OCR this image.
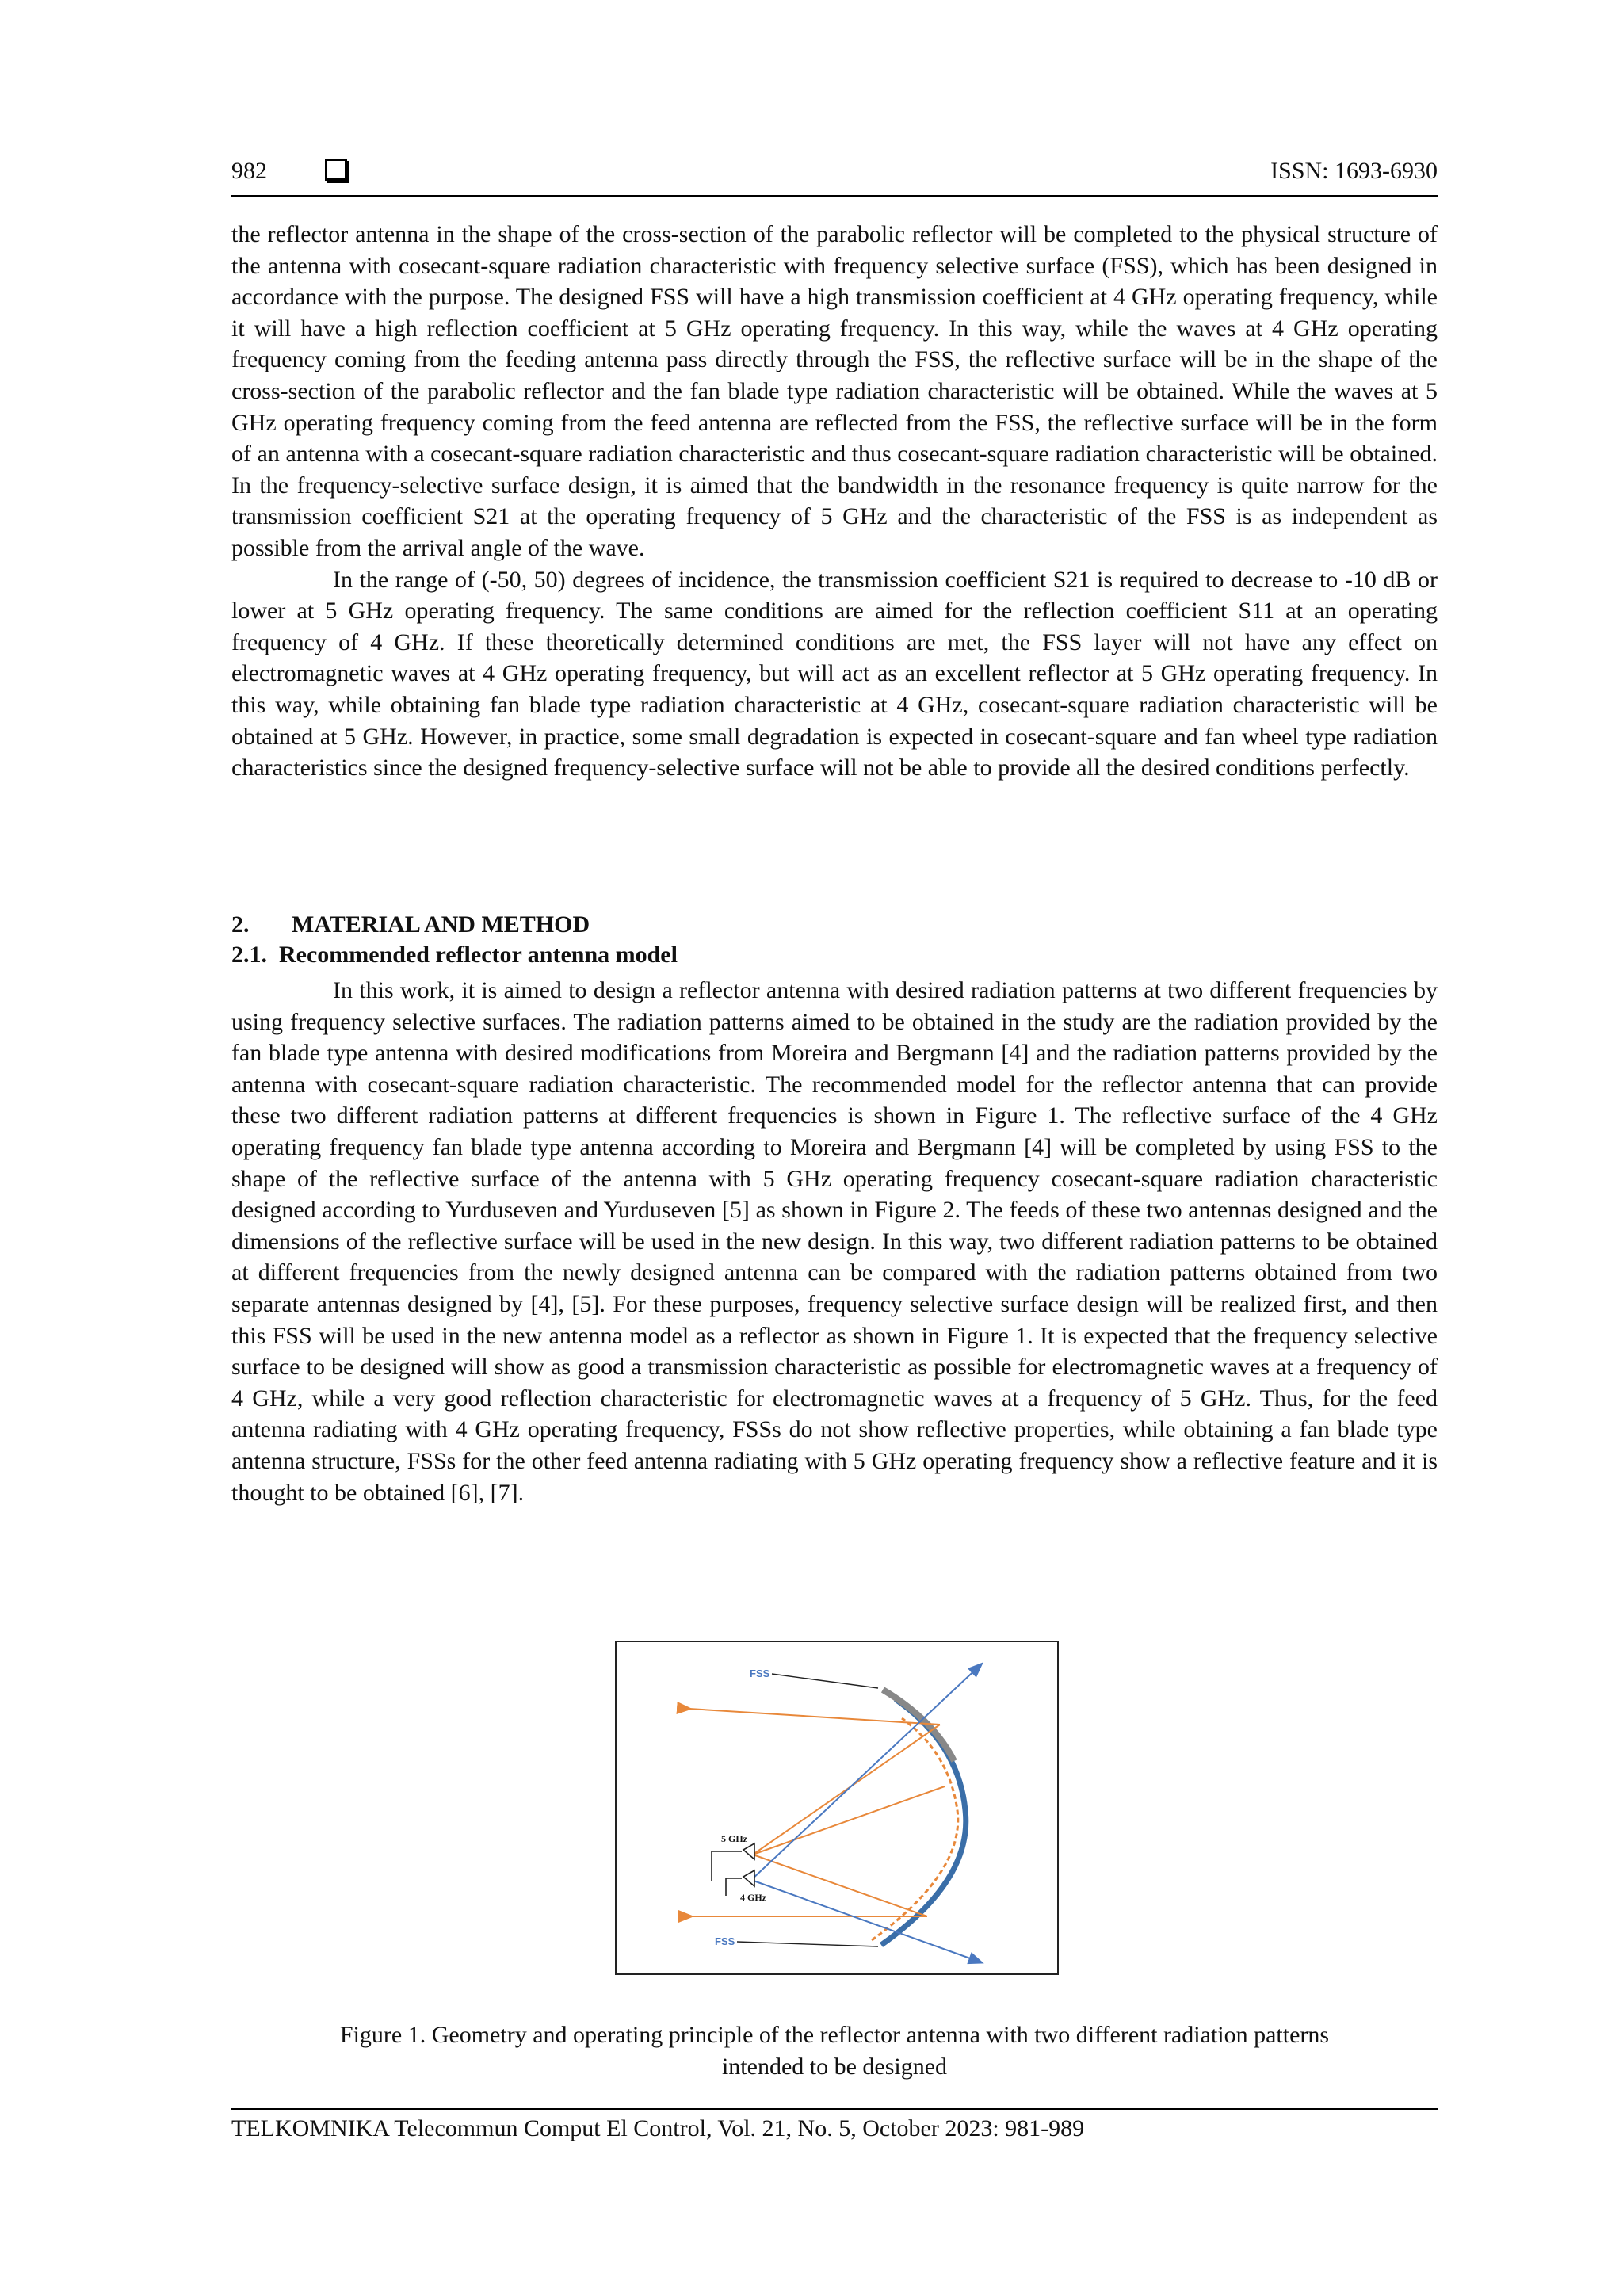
982	ISSN: 1693-6930

the reflector antenna in the shape of the cross-section of the parabolic reflector will be completed to the physical structure of the antenna with cosecant-square radiation characteristic with frequency selective surface (FSS), which has been designed in accordance with the purpose. The designed FSS will have a high transmission coefficient at 4 GHz operating frequency, while it will have a high reflection coefficient at 5 GHz operating frequency. In this way, while the waves at 4 GHz operating frequency coming from the feeding antenna pass directly through the FSS, the reflective surface will be in the shape of the cross-section of the parabolic reflector and the fan blade type radiation characteristic will be obtained. While the waves at 5 GHz operating frequency coming from the feed antenna are reflected from the FSS, the reflective surface will be in the form of an antenna with a cosecant-square radiation characteristic and thus cosecant-square radiation characteristic will be obtained. In the frequency-selective surface design, it is aimed that the bandwidth in the resonance frequency is quite narrow for the transmission coefficient S21 at the operating frequency of 5 GHz and the characteristic of the FSS is as independent as possible from the arrival angle of the wave.

In the range of (-50, 50) degrees of incidence, the transmission coefficient S21 is required to decrease to -10 dB or lower at 5 GHz operating frequency. The same conditions are aimed for the reflection coefficient S11 at an operating frequency of 4 GHz. If these theoretically determined conditions are met, the FSS layer will not have any effect on electromagnetic waves at 4 GHz operating frequency, but will act as an excellent reflector at 5 GHz operating frequency. In this way, while obtaining fan blade type radiation characteristic at 4 GHz, cosecant-square radiation characteristic will be obtained at 5 GHz. However, in practice, some small degradation is expected in cosecant-square and fan wheel type radiation characteristics since the designed frequency-selective surface will not be able to provide all the desired conditions perfectly.

2. MATERIAL AND METHOD
2.1. Recommended reflector antenna model

In this work, it is aimed to design a reflector antenna with desired radiation patterns at two different frequencies by using frequency selective surfaces. The radiation patterns aimed to be obtained in the study are the radiation provided by the fan blade type antenna with desired modifications from Moreira and Bergmann [4] and the radiation patterns provided by the antenna with cosecant-square radiation characteristic. The recommended model for the reflector antenna that can provide these two different radiation patterns at different frequencies is shown in Figure 1. The reflective surface of the 4 GHz operating frequency fan blade type antenna according to Moreira and Bergmann [4] will be completed by using FSS to the shape of the reflective surface of the antenna with 5 GHz operating frequency cosecant-square radiation characteristic designed according to Yurduseven and Yurduseven [5] as shown in Figure 2. The feeds of these two antennas designed and the dimensions of the reflective surface will be used in the new design. In this way, two different radiation patterns to be obtained at different frequencies from the newly designed antenna can be compared with the radiation patterns obtained from two separate antennas designed by [4], [5]. For these purposes, frequency selective surface design will be realized first, and then this FSS will be used in the new antenna model as a reflector as shown in Figure 1. It is expected that the frequency selective surface to be designed will show as good a transmission characteristic as possible for electromagnetic waves at a frequency of 4 GHz, while a very good reflection characteristic for electromagnetic waves at a frequency of 5 GHz. Thus, for the feed antenna radiating with 4 GHz operating frequency, FSSs do not show reflective properties, while obtaining a fan blade type antenna structure, FSSs for the other feed antenna radiating with 5 GHz operating frequency show a reflective feature and it is thought to be obtained [6], [7].

FSS
FSS
5 GHz
4 GHz
Figure 1. Geometry and operating principle of the reflector antenna with two different radiation patterns
intended to be designed
TELKOMNIKA Telecommun Comput El Control, Vol. 21, No. 5, October 2023: 981-989
